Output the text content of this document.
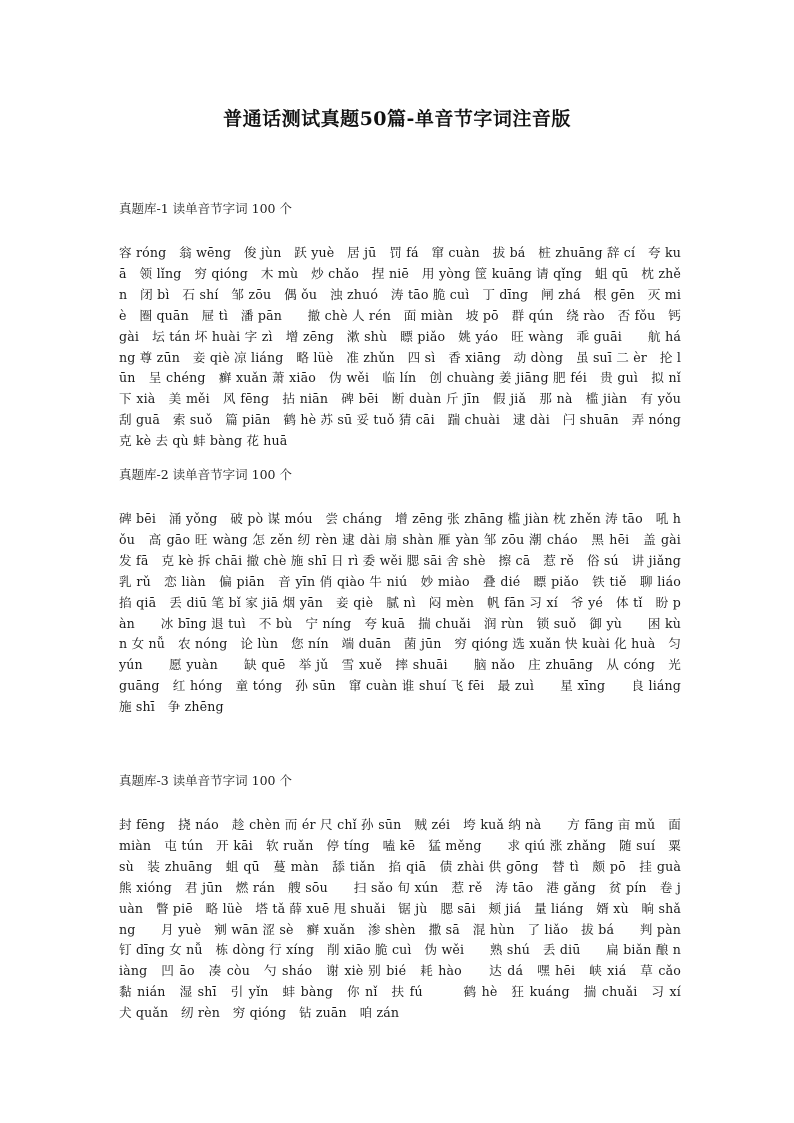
普通话测试真题50篇-单音节字词注音版
真题库-1 读单音节字词 100 个
容 róng　翁 wēng　俊 jùn　跃 yuè　居 jū　罚 fá　窜 cuàn　拔 bá　桩 zhuāng 辞 cí　夸 kuā　领 lǐng　穷 qióng　木 mù　炒 chǎo　捏 niē　用 yòng 筐 kuāng 请 qǐng　蛆 qū　枕 zhěn　闭 bì　石 shí　邹 zōu　偶 ǒu　浊 zhuó　涛 tāo 脆 cuì　丁 dīng　闸 zhá　根 gēn　灭 miè　圈 quān　屉 tì　潘 pān　　撤 chè 人 rén　面 miàn　坡 pō　群 qún　绕 rào　否 fǒu　钙 gài　坛 tán 坏 huài 字 zì　增 zēng　漱 shù　瞟 piǎo　姚 yáo　旺 wàng　乖 guāi　　航 háng 尊 zūn　妾 qiè 凉 liáng　略 lüè　准 zhǔn　四 sì　香 xiāng　动 dòng　虽 suī 二 èr　抡 lūn　呈 chéng　癣 xuǎn 萧 xiāo　伪 wěi　临 lín　创 chuàng 姜 jiāng 肥 féi　贵 guì　拟 nǐ　下 xià　美 měi　风 fēng　拈 niān　碑 bēi　断 duàn 斤 jīn　假 jiǎ　那 nà　槛 jiàn　有 yǒu　刮 guā　索 suǒ　篇 piān　鹤 hè 苏 sū 妥 tuǒ 猜 cāi　踹 chuài　逮 dài　闩 shuān　弄 nóng 克 kè 去 qù 蚌 bàng 花 huā
真题库-2 读单音节字词 100 个
碑 bēi　涌 yǒng　破 pò 谋 móu　尝 cháng　增 zēng 张 zhāng 槛 jiàn 枕 zhěn 涛 tāo　吼 hǒu　高 gāo 旺 wàng 怎 zěn 纫 rèn 逮 dài 扇 shàn 雁 yàn 邹 zōu 潮 cháo　黑 hēi　盖 gài　发 fā　克 kè 拆 chāi 撤 chè 施 shī 日 rì 委 wěi 腮 sāi 舍 shè　擦 cā　惹 rě　俗 sú　讲 jiǎng　乳 rǔ　恋 liàn　偏 piān　音 yīn 俏 qiào 牛 niú　妙 miào　叠 dié　瞟 piǎo　铁 tiě　聊 liáo　掐 qiā　丢 diū 笔 bǐ 家 jiā 烟 yān　妾 qiè　腻 nì　闷 mèn　帆 fān 习 xí　爷 yé　体 tǐ　盼 pàn　　冰 bīng 退 tuì　不 bù　宁 níng　夸 kuā　揣 chuǎi　润 rùn　锁 suǒ　御 yù　　困 kùn 女 nǚ　农 nóng　论 lùn　您 nín　端 duān　菌 jūn　穷 qióng 选 xuǎn 快 kuài 化 huà　匀 yún　　愿 yuàn　　缺 quē　举 jǔ　雪 xuě　摔 shuāi　　脑 nǎo　庄 zhuāng　从 cóng　光 guāng　红 hóng　童 tóng　孙 sūn　窜 cuàn 谁 shuí 飞 fēi　最 zuì　　星 xīng　　良 liáng　　施 shī　争 zhēng
真题库-3 读单音节字词 100 个
封 fēng　挠 náo　趁 chèn 而 ér 尺 chǐ 孙 sūn　贼 zéi　垮 kuǎ 纳 nà　　方 fāng 亩 mǔ　面 miàn　屯 tún　开 kāi　软 ruǎn　停 tíng　嗑 kē　猛 měng　　求 qiú 涨 zhǎng　随 suí　粟 sù　装 zhuāng　蛆 qū　蔓 màn　舔 tiǎn　掐 qiā　债 zhài 供 gōng　替 tì　颇 pō　挂 guà　熊 xióng　君 jūn　燃 rán　艘 sōu　　扫 sǎo 旬 xún　惹 rě　涛 tāo　港 gǎng　贫 pín　卷 juàn　瞥 piē　略 lüè　塔 tǎ 薛 xuē 甩 shuǎi　锯 jù　腮 sāi　颊 jiá　量 liáng　婿 xù　晌 shǎng　　月 yuè　剜 wān 涩 sè　癣 xuǎn　渗 shèn　撒 sā　混 hùn　了 liǎo　拔 bá　　判 pàn　　钉 dīng 女 nǚ　栋 dòng 行 xíng　削 xiāo 脆 cuì　伪 wěi　　熟 shú　丢 diū　　扁 biǎn 酿 niàng　凹 āo　凑 còu　勺 sháo　谢 xiè 别 bié　耗 hào　　达 dá　嘿 hēi　峡 xiá　草 cǎo　黏 nián　湿 shī　引 yǐn　蚌 bàng　你 nǐ　扶 fú　　　鹤 hè　狂 kuáng　揣 chuǎi　习 xí　犬 quǎn　纫 rèn　穷 qióng　钻 zuān　咱 zán
